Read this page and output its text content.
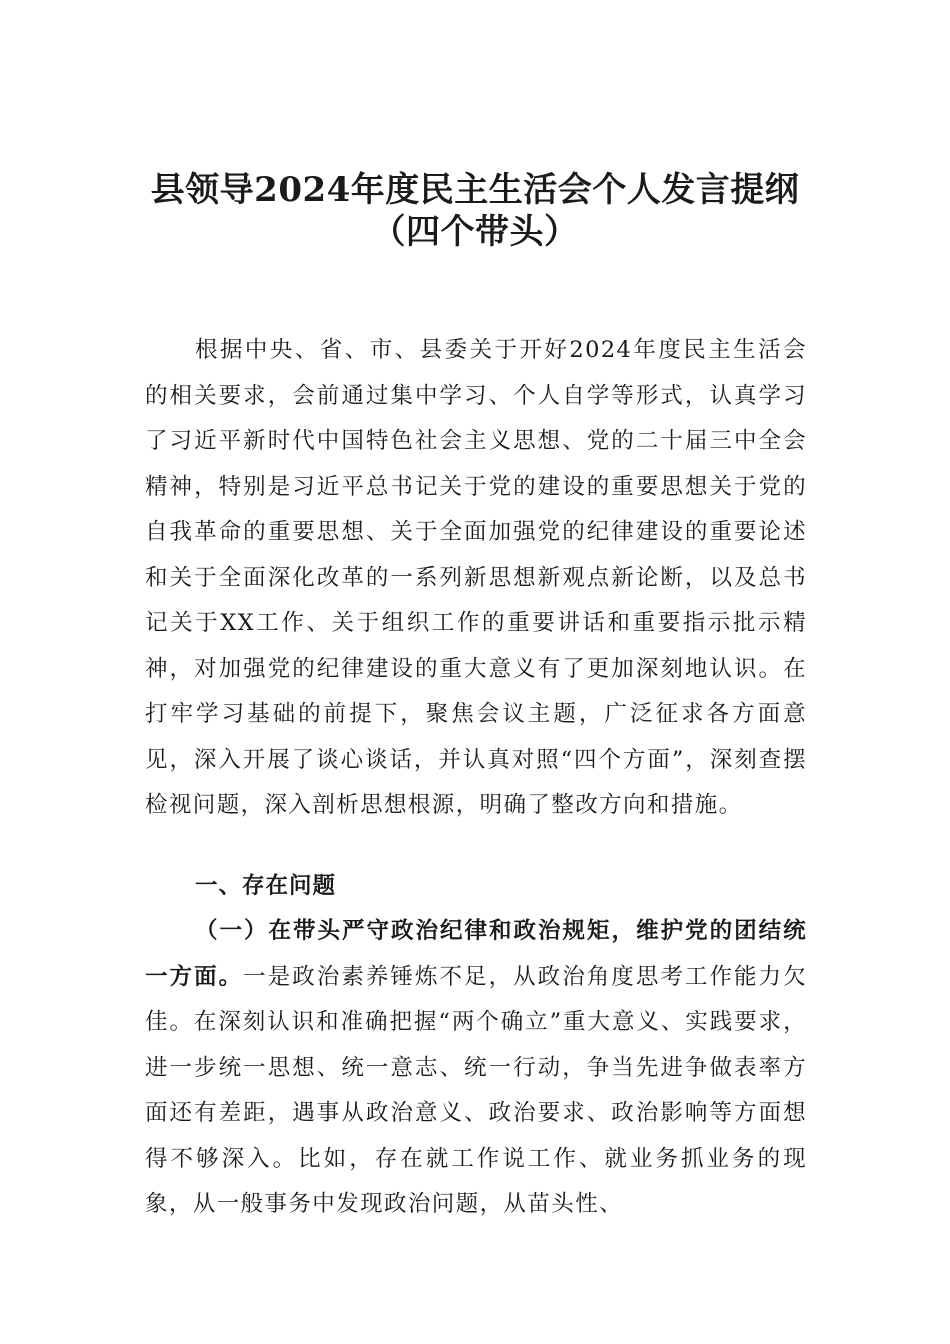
县领导2024年度民主生活会个人发言提纲
（四个带头）

根据中央、省、市、县委关于开好2024年度民主生活会的相关要求，会前通过集中学习、个人自学等形式，认真学习了习近平新时代中国特色社会主义思想、党的二十届三中全会精神，特别是习近平总书记关于党的建设的重要思想关于党的自我革命的重要思想、关于全面加强党的纪律建设的重要论述和关于全面深化改革的一系列新思想新观点新论断，以及总书记关于XX工作、关于组织工作的重要讲话和重要指示批示精神，对加强党的纪律建设的重大意义有了更加深刻地认识。在打牢学习基础的前提下，聚焦会议主题，广泛征求各方面意见，深入开展了谈心谈话，并认真对照“四个方面”，深刻查摆检视问题，深入剖析思想根源，明确了整改方向和措施。

一、存在问题

（一）在带头严守政治纪律和政治规矩，维护党的团结统一方面。一是政治素养锤炼不足，从政治角度思考工作能力欠佳。在深刻认识和准确把握“两个确立”重大意义、实践要求，进一步统一思想、统一意志、统一行动，争当先进争做表率方面还有差距，遇事从政治意义、政治要求、政治影响等方面想得不够深入。比如，存在就工作说工作、就业务抓业务的现象，从一般事务中发现政治问题，从苗头性、
